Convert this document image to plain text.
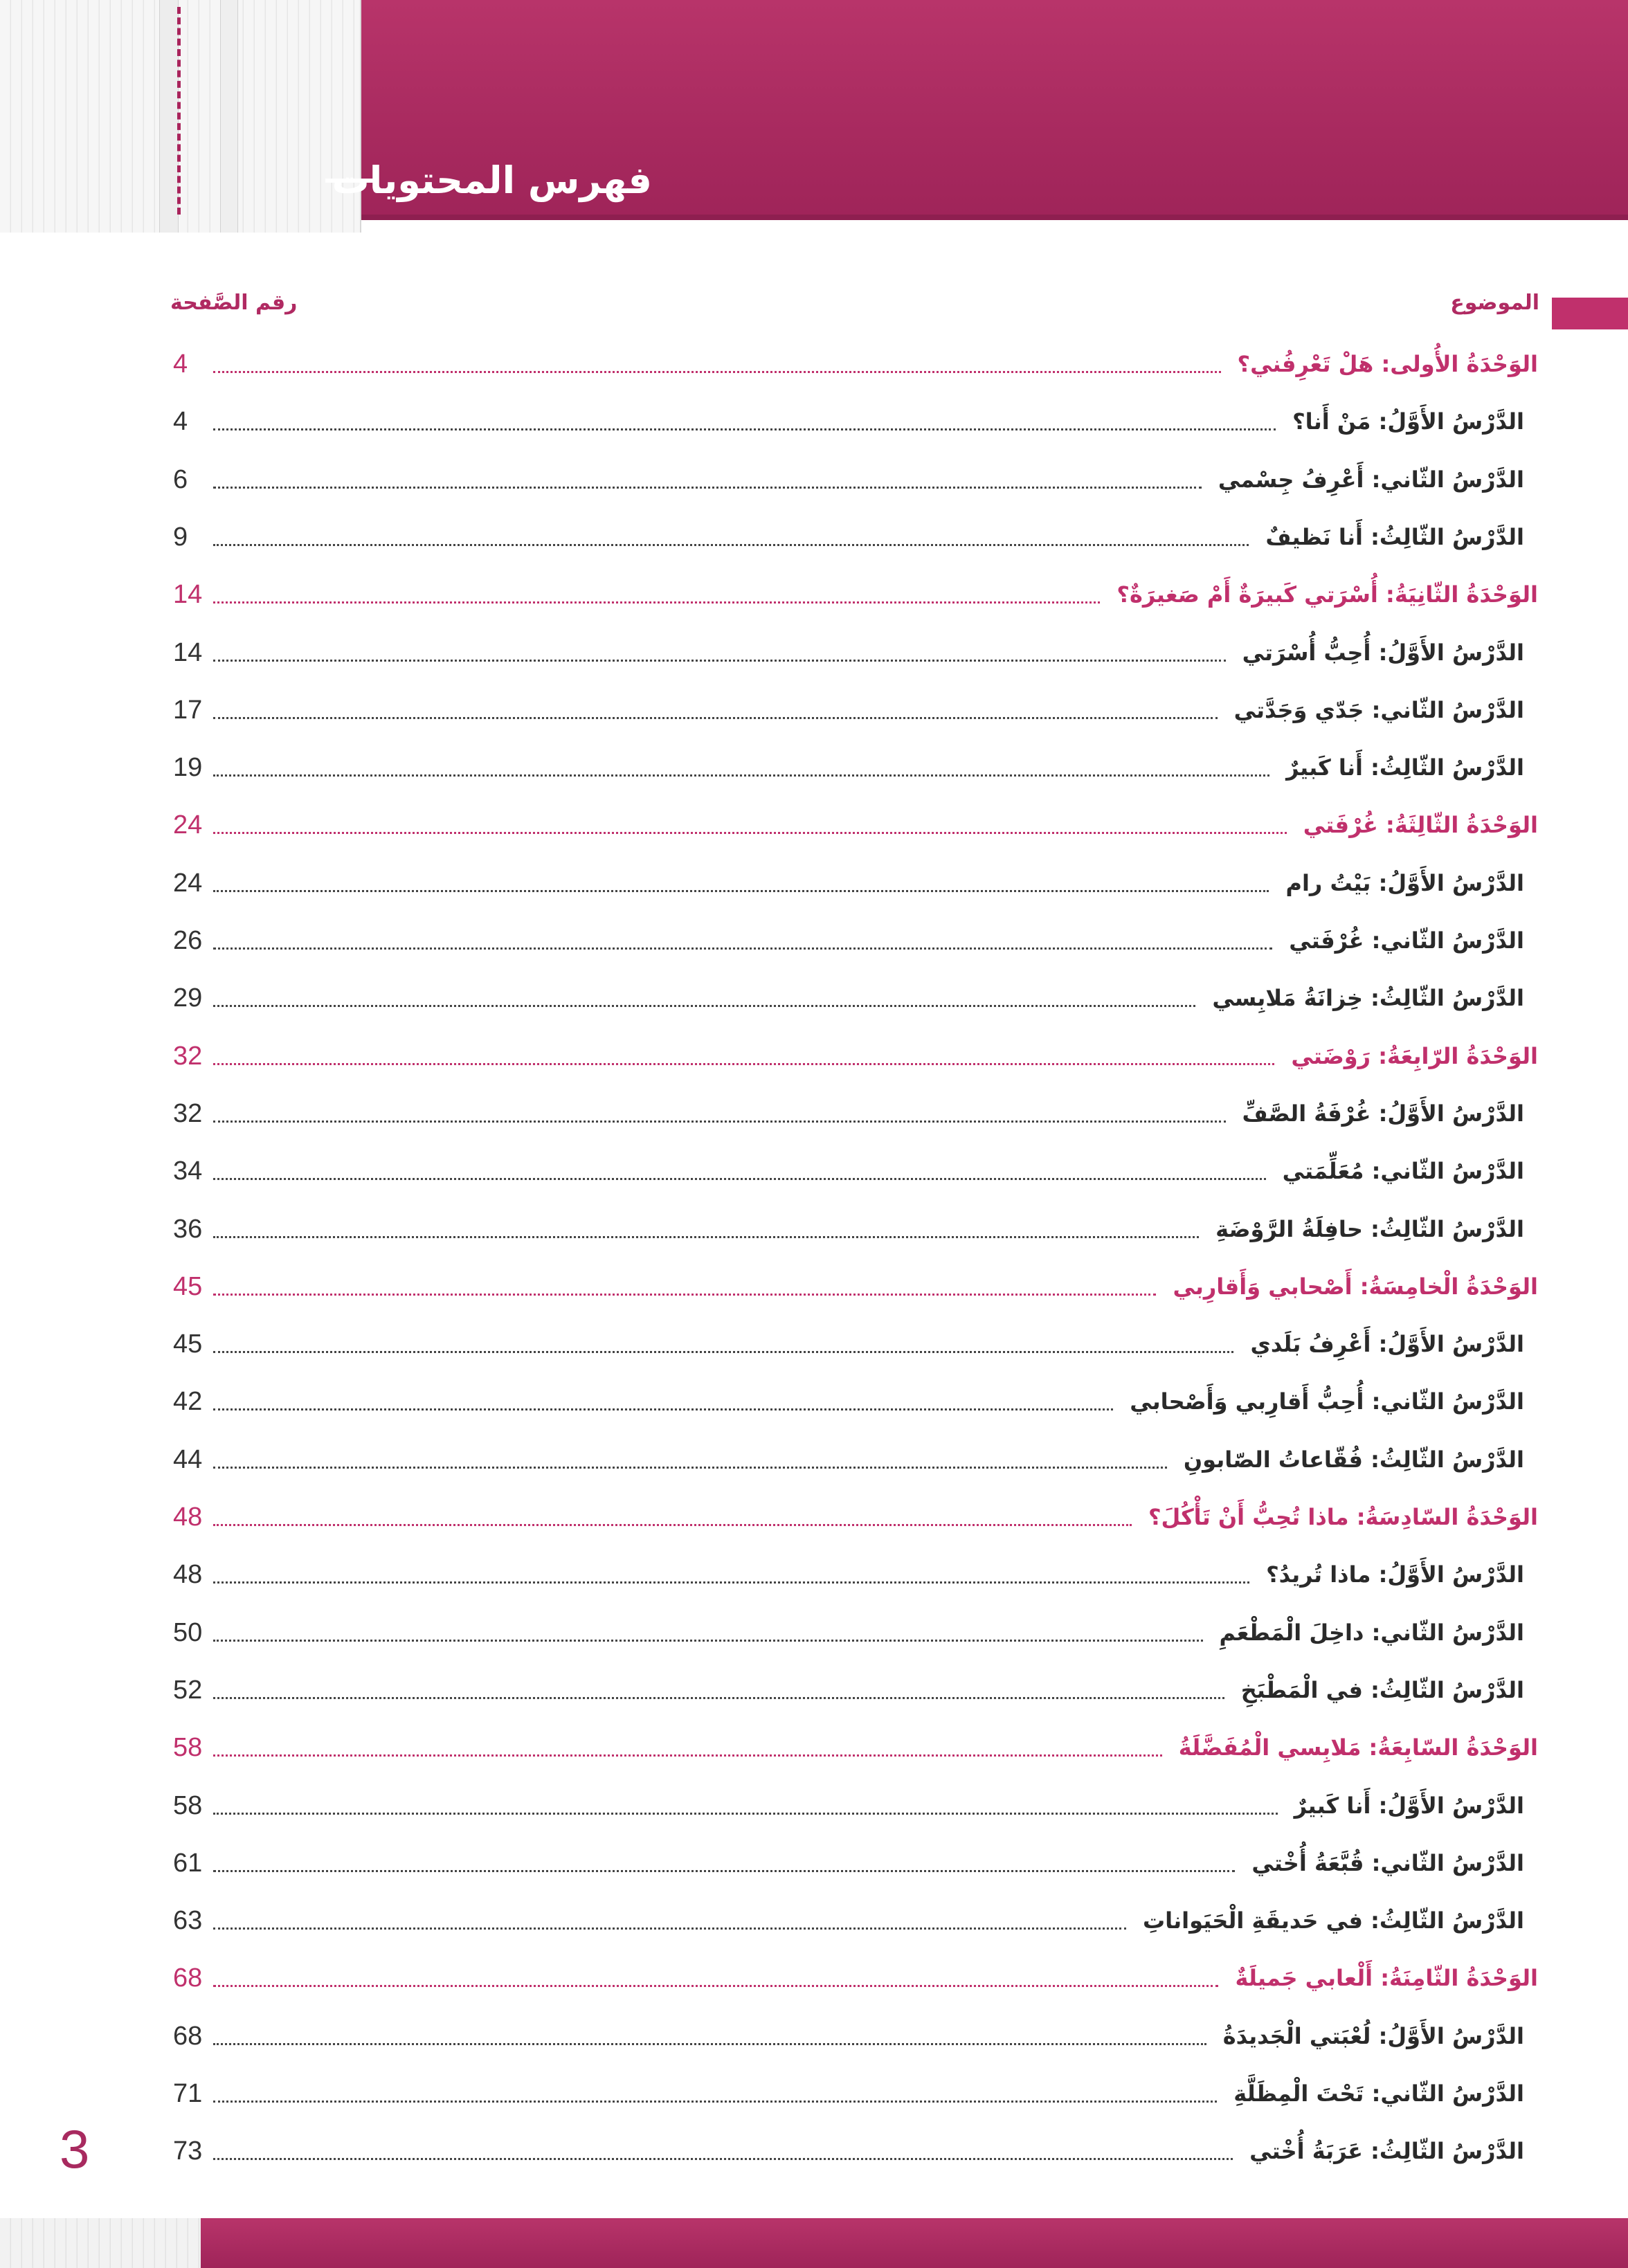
فهرس المحتويات
الموضوع
رقم الصَّفحة
4	الوَحْدَةُ الأُولى: هَلْ تَعْرِفُني؟
4	الدَّرْسُ الأَوَّلُ: مَنْ أَنا؟
6	الدَّرْسُ الثّاني: أَعْرِفُ جِسْمي
9	الدَّرْسُ الثّالِثُ: أَنا نَظيفٌ
14	الوَحْدَةُ الثّانِيَةُ: أُسْرَتي كَبيرَةٌ أَمْ صَغيرَةٌ؟
14	الدَّرْسُ الأَوَّلُ: أُحِبُّ أُسْرَتي
17	الدَّرْسُ الثّاني: جَدّي وَجَدَّتي
19	الدَّرْسُ الثّالِثُ: أَنا كَبيرٌ
24	الوَحْدَةُ الثّالِثَةُ: غُرْفَتي
24	الدَّرْسُ الأَوَّلُ: بَيْتُ رام
26	الدَّرْسُ الثّاني: غُرْفَتي
29	الدَّرْسُ الثّالِثُ: خِزانَةُ مَلابِسي
32	الوَحْدَةُ الرّابِعَةُ: رَوْضَتي
32	الدَّرْسُ الأَوَّلُ: غُرْفَةُ الصَّفِّ
34	الدَّرْسُ الثّاني: مُعَلِّمَتي
36	الدَّرْسُ الثّالِثُ: حافِلَةُ الرَّوْضَةِ
45	الوَحْدَةُ الْخامِسَةُ: أَصْحابي وَأَقارِبي
45	الدَّرْسُ الأَوَّلُ: أَعْرِفُ بَلَدي
42	الدَّرْسُ الثّاني: أُحِبُّ أَقارِبي وَأَصْحابي
44	الدَّرْسُ الثّالِثُ: فُقّاعاتُ الصّابونِ
48	الوَحْدَةُ السّادِسَةُ: ماذا تُحِبُّ أَنْ تَأْكُلَ؟
48	الدَّرْسُ الأَوَّلُ: ماذا تُريدُ؟
50	الدَّرْسُ الثّاني: داخِلَ الْمَطْعَمِ
52	الدَّرْسُ الثّالِثُ: في الْمَطْبَخِ
58	الوَحْدَةُ السّابِعَةُ: مَلابِسي الْمُفَضَّلَةُ
58	الدَّرْسُ الأَوَّلُ: أَنا كَبيرٌ
61	الدَّرْسُ الثّاني: قُبَّعَةُ أُخْتي
63	الدَّرْسُ الثّالِثُ: في حَديقَةِ الْحَيَواناتِ
68	الوَحْدَةُ الثّامِنَةُ: أَلْعابي جَميلَةٌ
68	الدَّرْسُ الأَوَّلُ: لُعْبَتي الْجَديدَةُ
71	الدَّرْسُ الثّاني: تَحْتَ الْمِظَلَّةِ
73	الدَّرْسُ الثّالِثُ: عَرَبَةُ أُخْتي
3
